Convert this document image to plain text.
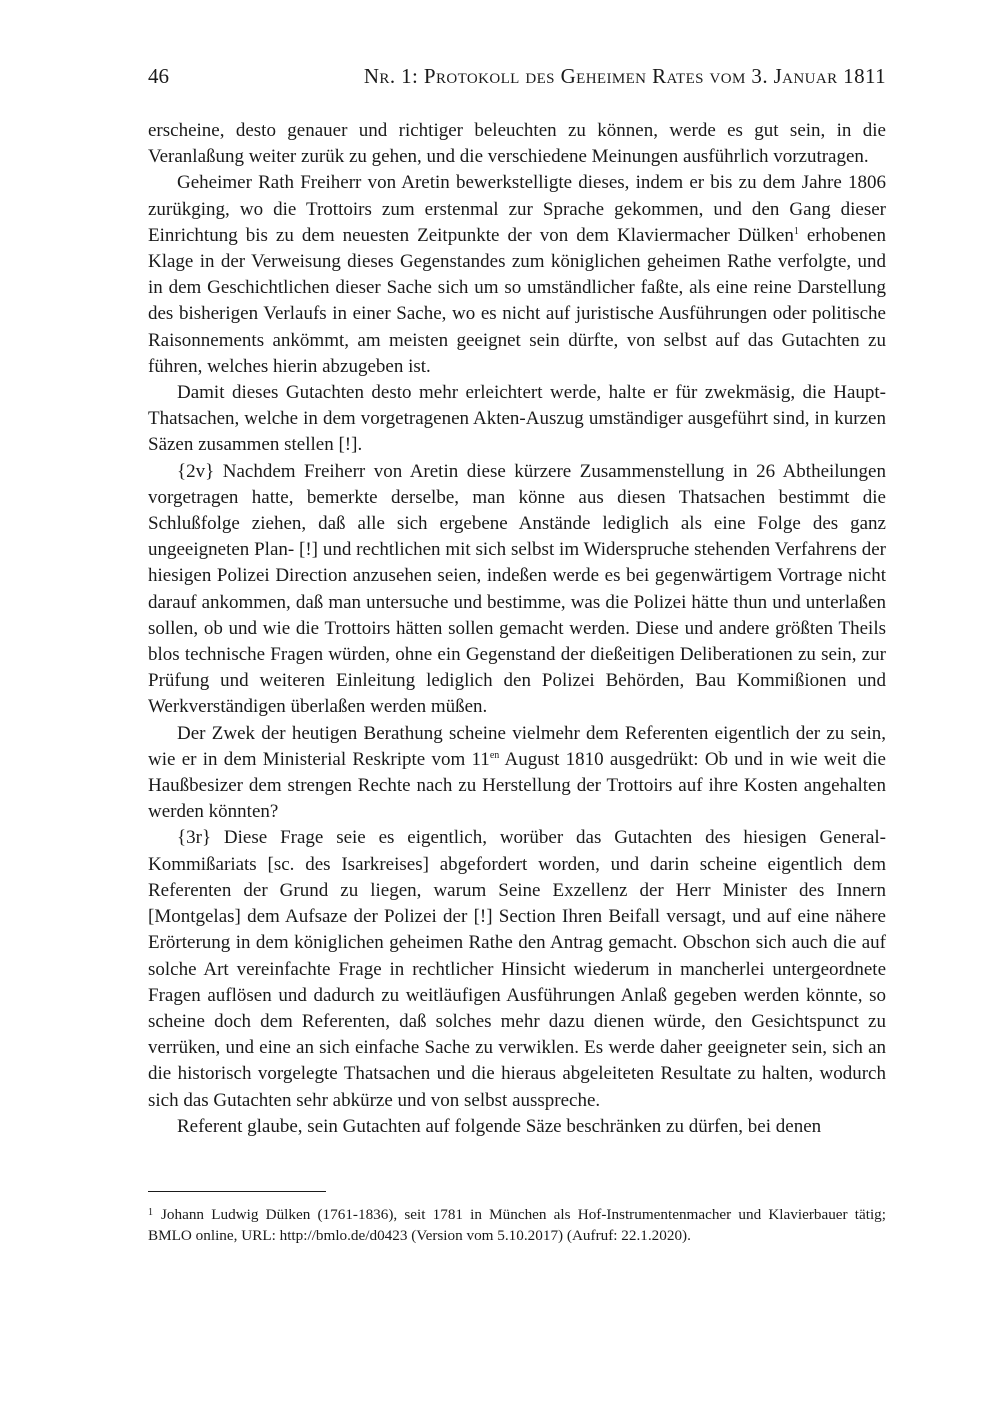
46	Nr. 1: Protokoll des Geheimen Rates vom 3. Januar 1811

erscheine, desto genauer und richtiger beleuchten zu können, werde es gut sein, in die Veranlaßung weiter zurük zu gehen, und die verschiedene Meinungen ausführlich vorzutragen.

Geheimer Rath Freiherr von Aretin bewerkstelligte dieses, indem er bis zu dem Jahre 1806 zurükging, wo die Trottoirs zum erstenmal zur Sprache gekommen, und den Gang dieser Einrichtung bis zu dem neuesten Zeitpunkte der von dem Klaviermacher Dülken$^1$ erhobenen Klage in der Verweisung dieses Gegenstandes zum königlichen geheimen Rathe verfolgte, und in dem Geschichtlichen dieser Sache sich um so umständlicher faßte, als eine reine Darstellung des bisherigen Verlaufs in einer Sache, wo es nicht auf juristische Ausführungen oder politische Raisonnements ankömmt, am meisten geeignet sein dürfte, von selbst auf das Gutachten zu führen, welches hierin abzugeben ist.

Damit dieses Gutachten desto mehr erleichtert werde, halte er für zwekmäsig, die Haupt-Thatsachen, welche in dem vorgetragenen Akten-Auszug umständiger ausgeführt sind, in kurzen Säzen zusammen stellen [!].

{2v} Nachdem Freiherr von Aretin diese kürzere Zusammenstellung in 26 Abtheilungen vorgetragen hatte, bemerkte derselbe, man könne aus diesen Thatsachen bestimmt die Schlußfolge ziehen, daß alle sich ergebene Anstände lediglich als eine Folge des ganz ungeeigneten Plan- [!] und rechtlichen mit sich selbst im Widerspruche stehenden Verfahrens der hiesigen Polizei Direction anzusehen seien, indeßen werde es bei gegenwärtigem Vortrage nicht darauf ankommen, daß man untersuche und bestimme, was die Polizei hätte thun und unterlaßen sollen, ob und wie die Trottoirs hätten sollen gemacht werden. Diese und andere größten Theils blos technische Fragen würden, ohne ein Gegenstand der dießeitigen Deliberationen zu sein, zur Prüfung und weiteren Einleitung lediglich den Polizei Behörden, Bau Kommißionen und Werkverständigen überlaßen werden müßen.

Der Zwek der heutigen Berathung scheine vielmehr dem Referenten eigentlich der zu sein, wie er in dem Ministerial Reskripte vom $11^{en}$ August 1810 ausgedrükt: Ob und in wie weit die Haußbesizer dem strengen Rechte nach zu Herstellung der Trottoirs auf ihre Kosten angehalten werden könnten?

{3r} Diese Frage seie es eigentlich, worüber das Gutachten des hiesigen General-Kommißariats [sc. des Isarkreises] abgefordert worden, und darin scheine eigentlich dem Referenten der Grund zu liegen, warum Seine Exzellenz der Herr Minister des Innern [Montgelas] dem Aufsaze der Polizei der [!] Section Ihren Beifall versagt, und auf eine nähere Erörterung in dem königlichen geheimen Rathe den Antrag gemacht. Obschon sich auch die auf solche Art vereinfachte Frage in rechtlicher Hinsicht wiederum in mancherlei untergeordnete Fragen auflösen und dadurch zu weitläufigen Ausführungen Anlaß gegeben werden könnte, so scheine doch dem Referenten, daß solches mehr dazu dienen würde, den Gesichtspunct zu verrüken, und eine an sich einfache Sache zu verwiklen. Es werde daher geeigneter sein, sich an die historisch vorgelegte Thatsachen und die hieraus abgeleiteten Resultate zu halten, wodurch sich das Gutachten sehr abkürze und von selbst ausspreche.

Referent glaube, sein Gutachten auf folgende Säze beschränken zu dürfen, bei denen

$^1$ Johann Ludwig Dülken (1761-1836), seit 1781 in München als Hof-Instrumentenmacher und Klavierbauer tätig; BMLO online, URL: http://bmlo.de/d0423 (Version vom 5.10.2017) (Aufruf: 22.1.2020).
